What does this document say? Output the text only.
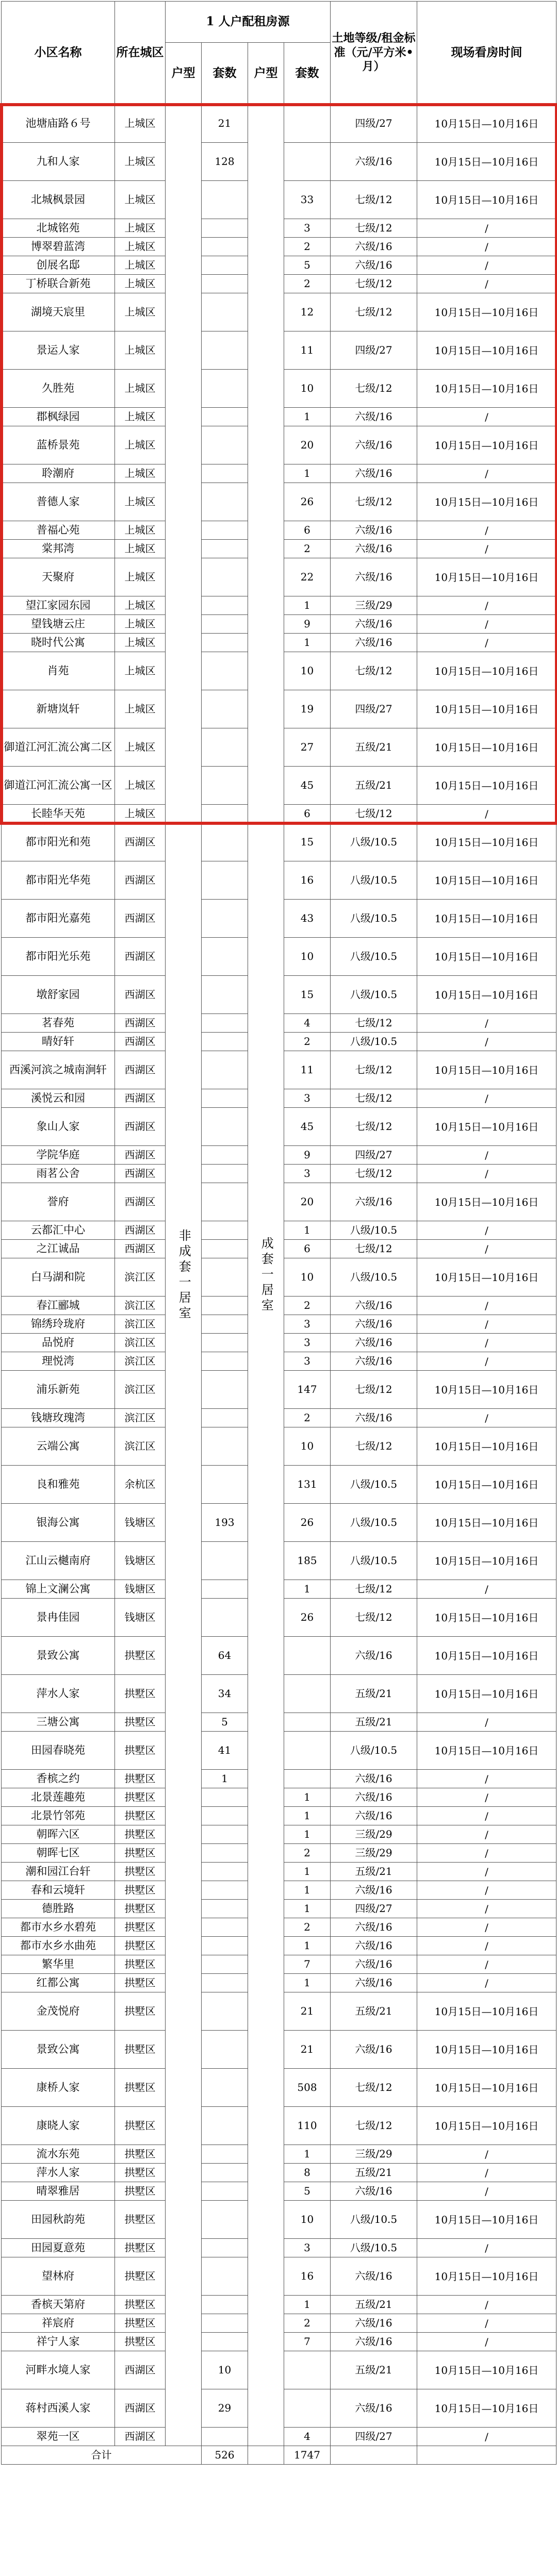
小区名称	所在城区	1 人户配租房源				土地等级/租金标准（元/平方米•月）	现场看房时间
		户型	套数	户型	套数		
池塘庙路６号	上城区	非成套一居室	21	成套一居室		四级/27	10月15日—10月16日
九和人家	上城区		128			六级/16	10月15日—10月16日
北城枫景园	上城区				33	七级/12	10月15日—10月16日
北城铭苑	上城区				3	七级/12	/
博翠碧蓝湾	上城区				2	六级/16	/
创展名邸	上城区				5	六级/16	/
丁桥联合新苑	上城区				2	七级/12	/
湖境天宸里	上城区				12	七级/12	10月15日—10月16日
景运人家	上城区				11	四级/27	10月15日—10月16日
久胜苑	上城区				10	七级/12	10月15日—10月16日
郡枫绿园	上城区				1	六级/16	/
蓝桥景苑	上城区				20	六级/16	10月15日—10月16日
聆潮府	上城区				1	六级/16	/
普德人家	上城区				26	七级/12	10月15日—10月16日
普福心苑	上城区				6	六级/16	/
棠邦湾	上城区				2	六级/16	/
天聚府	上城区				22	六级/16	10月15日—10月16日
望江家园东园	上城区				1	三级/29	/
望钱塘云庄	上城区				9	六级/16	/
晓时代公寓	上城区				1	六级/16	/
肖苑	上城区				10	七级/12	10月15日—10月16日
新塘岚轩	上城区				19	四级/27	10月15日—10月16日
御道江河汇流公寓二区	上城区				27	五级/21	10月15日—10月16日
御道江河汇流公寓一区	上城区				45	五级/21	10月15日—10月16日
长睦华天苑	上城区				6	七级/12	/
都市阳光和苑	西湖区				15	八级/10.5	10月15日—10月16日
都市阳光华苑	西湖区				16	八级/10.5	10月15日—10月16日
都市阳光嘉苑	西湖区				43	八级/10.5	10月15日—10月16日
都市阳光乐苑	西湖区				10	八级/10.5	10月15日—10月16日
墩舒家园	西湖区				15	八级/10.5	10月15日—10月16日
茗春苑	西湖区				4	七级/12	/
晴好轩	西湖区				2	八级/10.5	/
西溪河滨之城南涧轩	西湖区				11	七级/12	10月15日—10月16日
溪悦云和园	西湖区				3	七级/12	/
象山人家	西湖区				45	七级/12	10月15日—10月16日
学院华庭	西湖区				9	四级/27	/
雨茗公舍	西湖区				3	七级/12	/
誉府	西湖区				20	六级/16	10月15日—10月16日
云都汇中心	西湖区				1	八级/10.5	/
之江诚品	西湖区				6	七级/12	/
白马湖和院	滨江区				10	八级/10.5	10月15日—10月16日
春江郦城	滨江区				2	六级/16	/
锦绣玲珑府	滨江区				3	六级/16	/
品悦府	滨江区				3	六级/16	/
理悦湾	滨江区				3	六级/16	/
浦乐新苑	滨江区				147	七级/12	10月15日—10月16日
钱塘玫瑰湾	滨江区				2	六级/16	/
云端公寓	滨江区				10	七级/12	10月15日—10月16日
良和雅苑	余杭区				131	八级/10.5	10月15日—10月16日
银海公寓	钱塘区		193		26	八级/10.5	10月15日—10月16日
江山云樾南府	钱塘区				185	八级/10.5	10月15日—10月16日
锦上文澜公寓	钱塘区				1	七级/12	/
景冉佳园	钱塘区				26	七级/12	10月15日—10月16日
景致公寓	拱墅区		64			六级/16	10月15日—10月16日
萍水人家	拱墅区		34			五级/21	10月15日—10月16日
三塘公寓	拱墅区		5			五级/21	/
田园春晓苑	拱墅区		41			八级/10.5	10月15日—10月16日
香槟之约	拱墅区		1			六级/16	/
北景莲趣苑	拱墅区				1	六级/16	/
北景竹邻苑	拱墅区				1	六级/16	/
朝晖六区	拱墅区				1	三级/29	/
朝晖七区	拱墅区				2	三级/29	/
潮和园江台轩	拱墅区				1	五级/21	/
春和云境轩	拱墅区				1	六级/16	/
德胜路	拱墅区				1	四级/27	/
都市水乡水碧苑	拱墅区				2	六级/16	/
都市水乡水曲苑	拱墅区				1	六级/16	/
繁华里	拱墅区				7	六级/16	/
红都公寓	拱墅区				1	六级/16	/
金茂悦府	拱墅区				21	五级/21	10月15日—10月16日
景致公寓	拱墅区				21	六级/16	10月15日—10月16日
康桥人家	拱墅区				508	七级/12	10月15日—10月16日
康晓人家	拱墅区				110	七级/12	10月15日—10月16日
流水东苑	拱墅区				1	三级/29	/
萍水人家	拱墅区				8	五级/21	/
晴翠雅居	拱墅区				5	六级/16	/
田园秋韵苑	拱墅区				10	八级/10.5	10月15日—10月16日
田园夏意苑	拱墅区				3	八级/10.5	/
望林府	拱墅区				16	六级/16	10月15日—10月16日
香槟天第府	拱墅区				1	五级/21	/
祥宸府	拱墅区				2	六级/16	/
祥宁人家	拱墅区				7	六级/16	/
河畔水境人家	西湖区		10			五级/21	10月15日—10月16日
蒋村西溪人家	西湖区		29			六级/16	10月15日—10月16日
翠苑一区	西湖区				4	四级/27	/
合计			526		1747		
